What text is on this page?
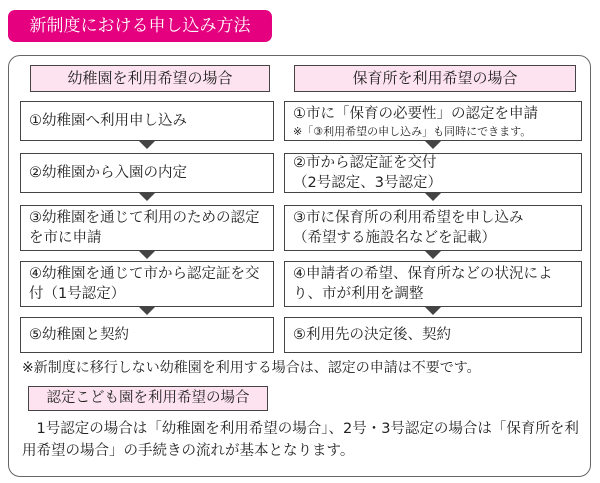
新制度における申し込み方法
幼稚園を利用希望の場合
①幼稚園へ利用申し込み
②幼稚園から入園の内定
③幼稚園を通じて利用のための認定を市に申請
④幼稚園を通じて市から認定証を交付（1号認定）
⑤幼稚園と契約
保育所を利用希望の場合
①市に「保育の必要性」の認定を申請
※「③利用希望の申し込み」も同時にできます。
②市から認定証を交付
（2号認定、3号認定）
③市に保育所の利用希望を申し込み
（希望する施設名などを記載）
④申請者の希望、保育所などの状況により、市が利用を調整
⑤利用先の決定後、契約
※新制度に移行しない幼稚園を利用する場合は、認定の申請は不要です。
認定こども園を利用希望の場合
1号認定の場合は「幼稚園を利用希望の場合」、2号・3号認定の場合は「保育所を利用希望の場合」の手続きの流れが基本となります。
